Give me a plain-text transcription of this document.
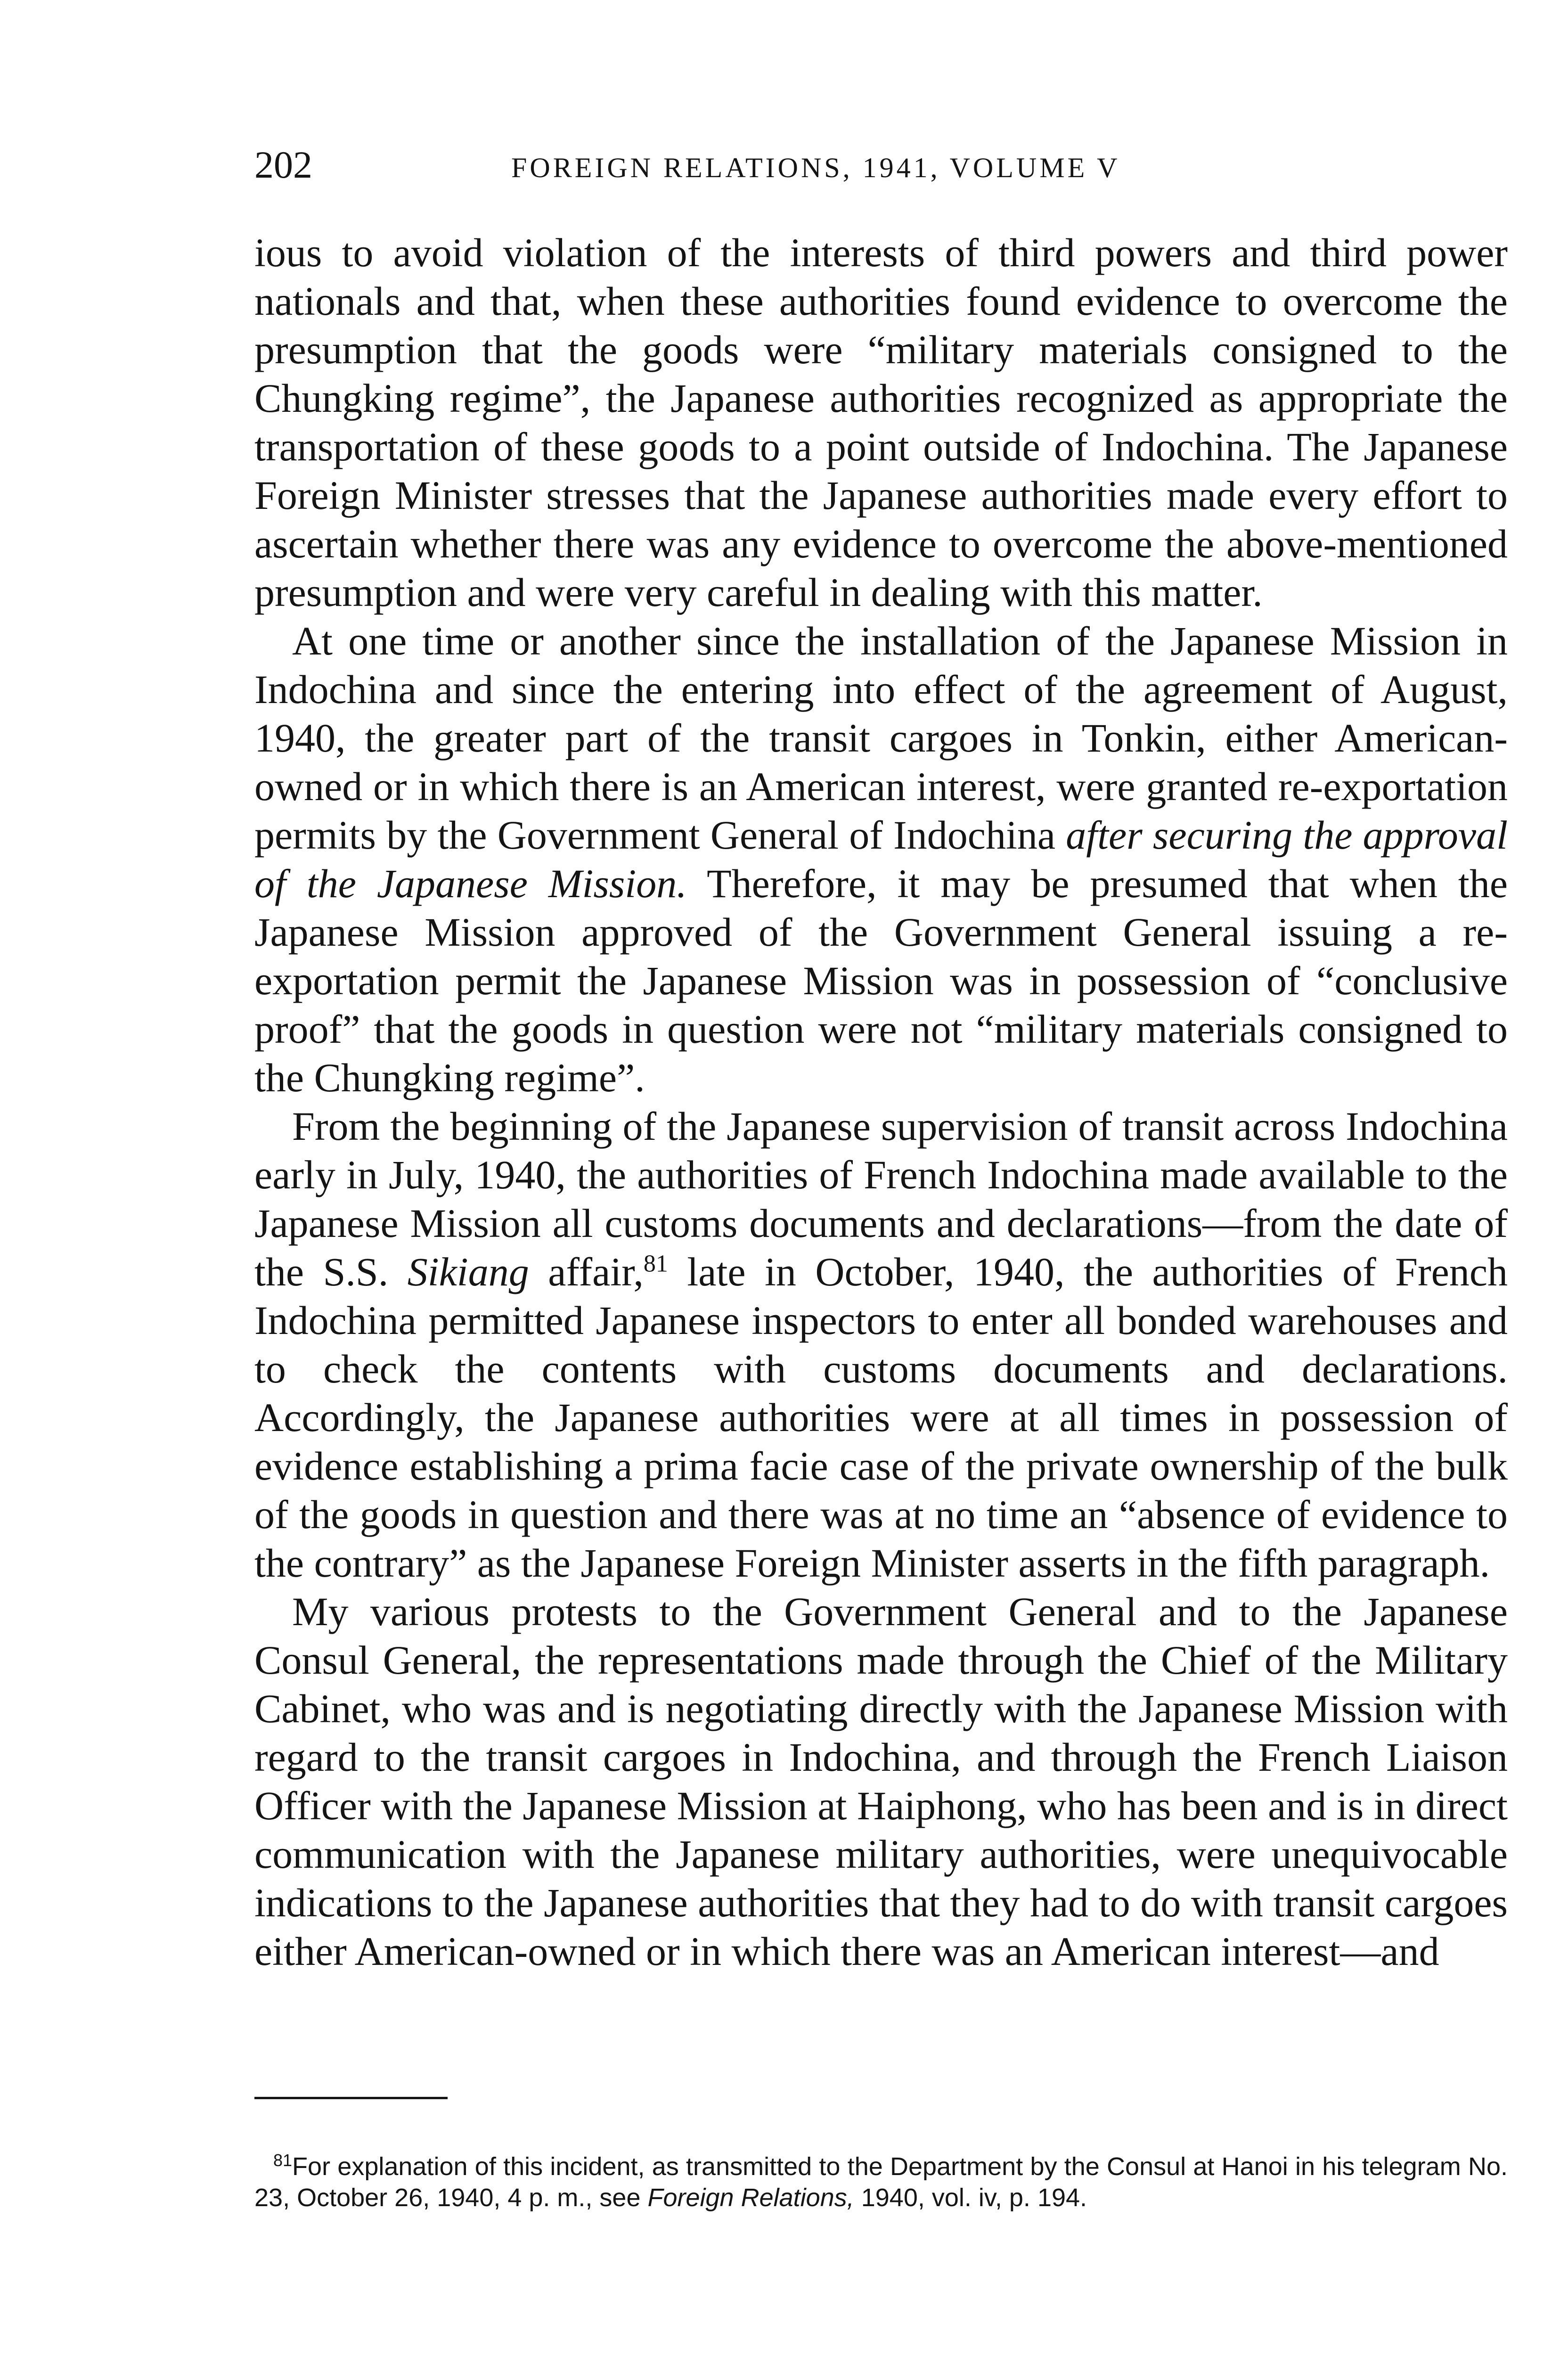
202	FOREIGN RELATIONS, 1941, VOLUME V

ious to avoid violation of the interests of third powers and third power nationals and that, when these authorities found evidence to overcome the presumption that the goods were “military materials consigned to the Chungking regime”, the Japanese authorities recognized as appropriate the transportation of these goods to a point outside of Indochina. The Japanese Foreign Minister stresses that the Japanese authorities made every effort to ascertain whether there was any evidence to overcome the above-mentioned presumption and were very careful in dealing with this matter.

At one time or another since the installation of the Japanese Mission in Indochina and since the entering into effect of the agreement of August, 1940, the greater part of the transit cargoes in Tonkin, either American-owned or in which there is an American interest, were granted re-exportation permits by the Government General of Indochina after securing the approval of the Japanese Mission. Therefore, it may be presumed that when the Japanese Mission approved of the Government General issuing a re-exportation permit the Japanese Mission was in possession of “conclusive proof” that the goods in question were not “military materials consigned to the Chungking regime”.

From the beginning of the Japanese supervision of transit across Indochina early in July, 1940, the authorities of French Indochina made available to the Japanese Mission all customs documents and declarations—from the date of the S.S. Sikiang affair,$^{81}$ late in October, 1940, the authorities of French Indochina permitted Japanese inspectors to enter all bonded warehouses and to check the contents with customs documents and declarations. Accordingly, the Japanese authorities were at all times in possession of evidence establishing a prima facie case of the private ownership of the bulk of the goods in question and there was at no time an “absence of evidence to the contrary” as the Japanese Foreign Minister asserts in the fifth paragraph.

My various protests to the Government General and to the Japanese Consul General, the representations made through the Chief of the Military Cabinet, who was and is negotiating directly with the Japanese Mission with regard to the transit cargoes in Indochina, and through the French Liaison Officer with the Japanese Mission at Haiphong, who has been and is in direct communication with the Japanese military authorities, were unequivocable indications to the Japanese authorities that they had to do with transit cargoes either American-owned or in which there was an American interest—and

$^{81}$For explanation of this incident, as transmitted to the Department by the Consul at Hanoi in his telegram No. 23, October 26, 1940, 4 p. m., see Foreign Relations, 1940, vol. iv, p. 194.
